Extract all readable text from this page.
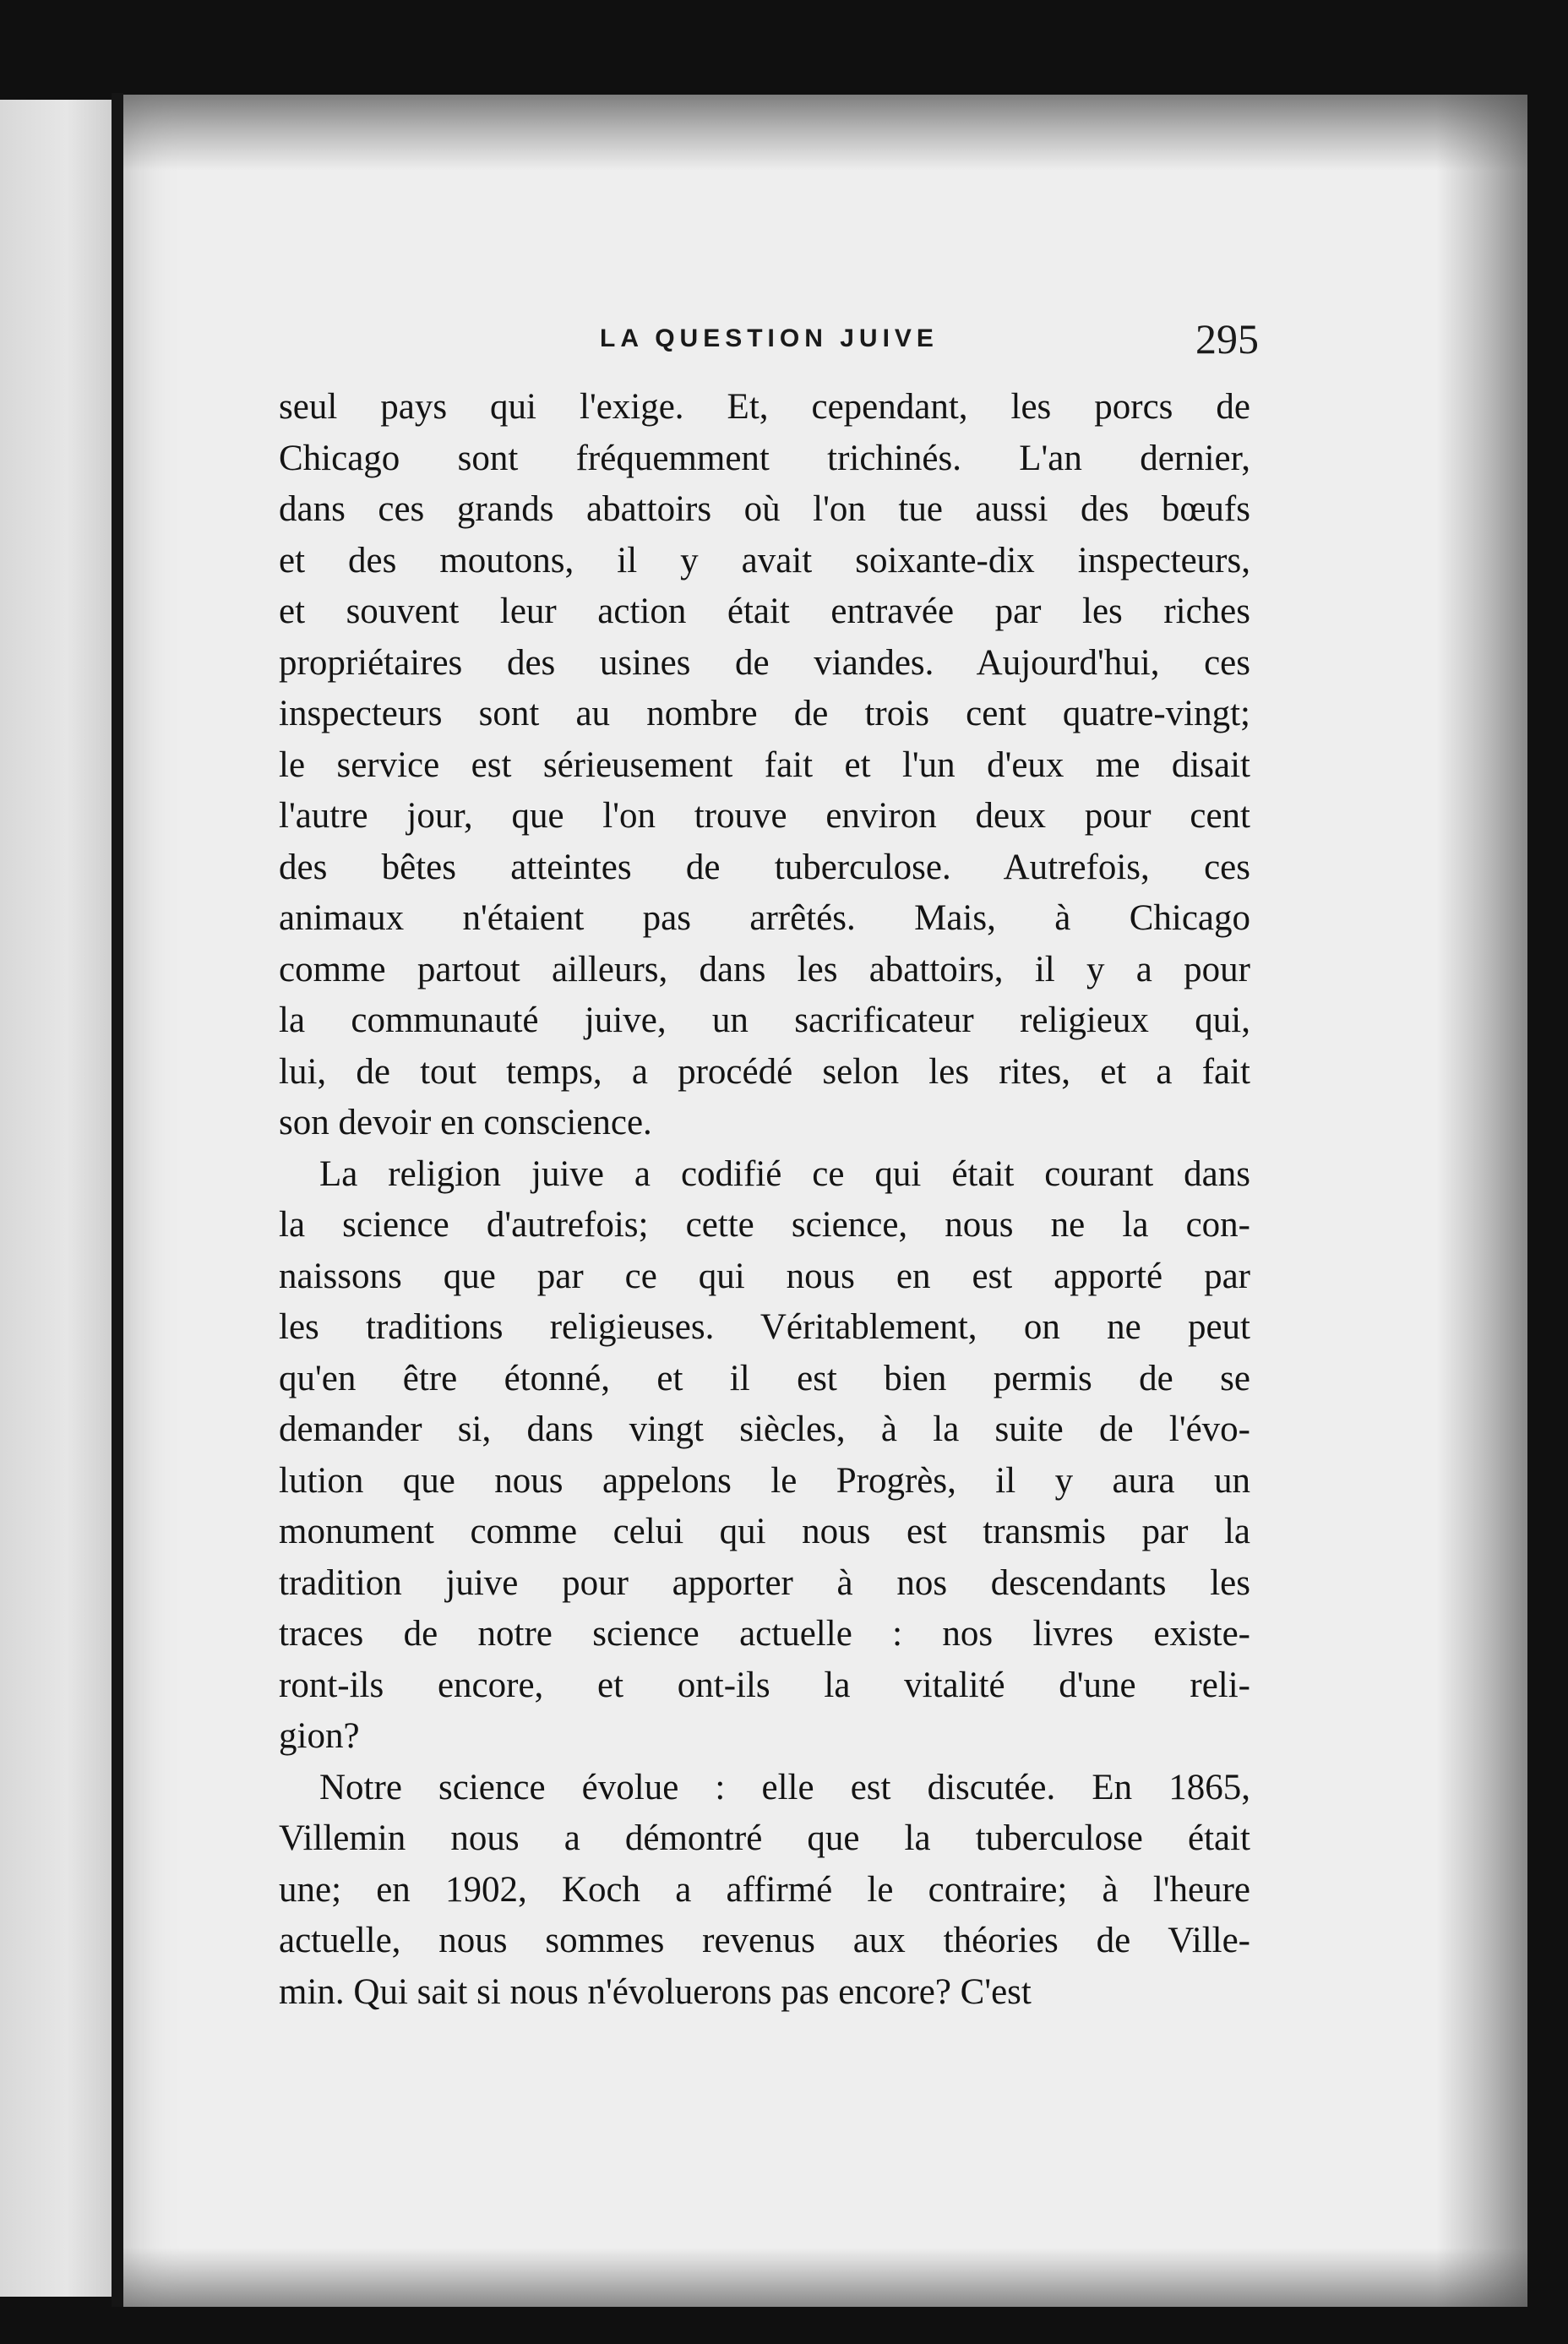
LA QUESTION JUIVE	295
seul pays qui l'exige. Et, cependant, les porcs de
Chicago sont fréquemment trichinés. L'an dernier,
dans ces grands abattoirs où l'on tue aussi des bœufs
et des moutons, il y avait soixante-dix inspecteurs,
et souvent leur action était entravée par les riches
propriétaires des usines de viandes. Aujourd'hui, ces
inspecteurs sont au nombre de trois cent quatre-vingt;
le service est sérieusement fait et l'un d'eux me disait
l'autre jour, que l'on trouve environ deux pour cent
des bêtes atteintes de tuberculose. Autrefois, ces
animaux n'étaient pas arrêtés. Mais, à Chicago
comme partout ailleurs, dans les abattoirs, il y a pour
la communauté juive, un sacrificateur religieux qui,
lui, de tout temps, a procédé selon les rites, et a fait
son devoir en conscience.
La religion juive a codifié ce qui était courant dans
la science d'autrefois; cette science, nous ne la con-
naissons que par ce qui nous en est apporté par
les traditions religieuses. Véritablement, on ne peut
qu'en être étonné, et il est bien permis de se
demander si, dans vingt siècles, à la suite de l'évo-
lution que nous appelons le Progrès, il y aura un
monument comme celui qui nous est transmis par la
tradition juive pour apporter à nos descendants les
traces de notre science actuelle : nos livres existe-
ront-ils encore, et ont-ils la vitalité d'une reli-
gion?
Notre science évolue : elle est discutée. En 1865,
Villemin nous a démontré que la tuberculose était
une; en 1902, Koch a affirmé le contraire; à l'heure
actuelle, nous sommes revenus aux théories de Ville-
min. Qui sait si nous n'évoluerons pas encore? C'est
